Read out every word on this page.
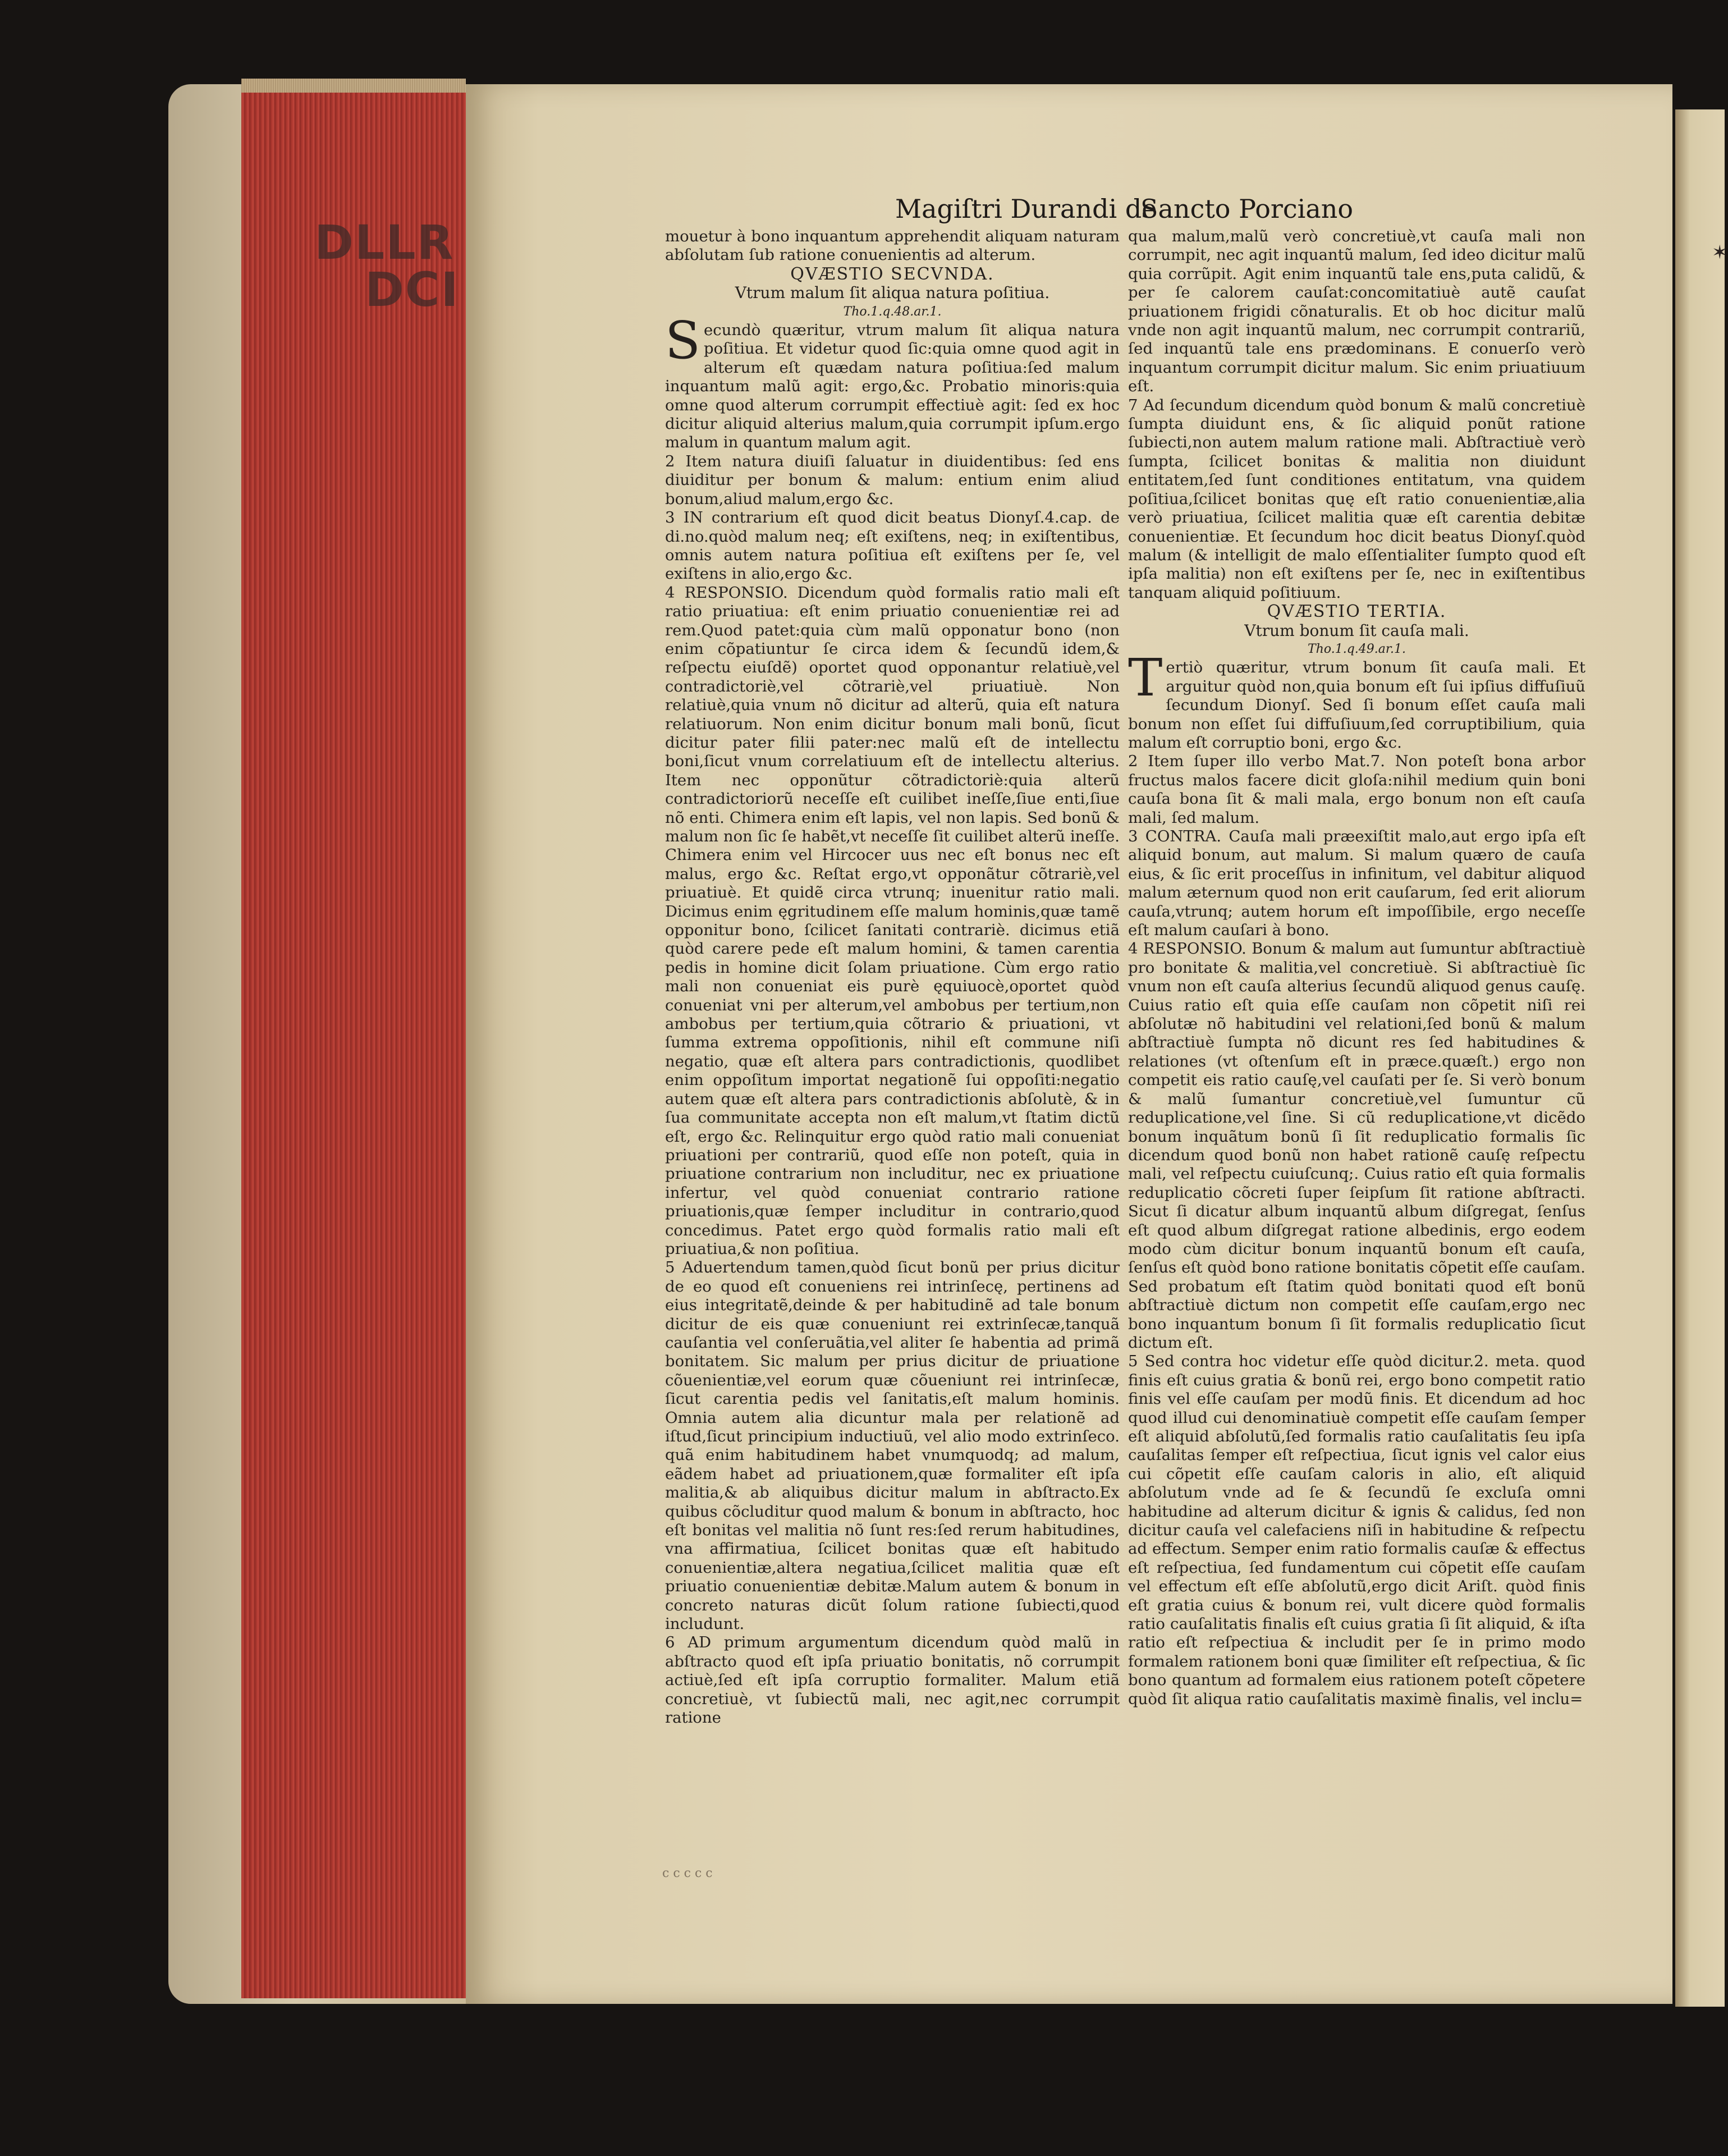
DLLR
DCI
Magiſtri Durandi de
Sancto Porciano

mouetur à bono inquantum apprehendit aliquam naturam abſolutam ſub ratione conuenientis ad alterum.

QVÆSTIO SECVNDA.

Vtrum malum ſit aliqua natura poſitiua.

Tho.1.q.48.ar.1.

Secundò quæritur, vtrum malum ſit aliqua natura poſitiua. Et videtur quod ſic:quia omne quod agit in alterum eſt quædam natura poſitiua:ſed malum inquantum malũ agit: ergo,&c. Probatio minoris:quia omne quod alterum corrumpit effectiuè agit: ſed ex hoc dicitur aliquid alterius malum,quia corrumpit ipſum.ergo malum in quantum malum agit.

2 Item natura diuiſi ſaluatur in diuidentibus: ſed ens diuiditur per bonum & malum: entium enim aliud bonum,aliud malum,ergo &c.

3 IN contrarium eſt quod dicit beatus Dionyſ.4.cap. de di.no.quòd malum neq; eſt exiſtens, neq; in exiſtentibus, omnis autem natura poſitiua eſt exiſtens per ſe, vel exiſtens in alio,ergo &c.

4 RESPONSIO. Dicendum quòd formalis ratio mali eſt ratio priuatiua: eſt enim priuatio conuenientiæ rei ad rem.Quod patet:quia cùm malũ opponatur bono (non enim cõpatiuntur ſe circa idem & ſecundũ idem,& reſpectu eiuſdẽ) oportet quod opponantur relatiuè,vel contradictoriè,vel cõtrariè,vel priuatiuè. Non relatiuè,quia vnum nõ dicitur ad alterũ, quia eſt natura relatiuorum. Non enim dicitur bonum mali bonũ, ſicut dicitur pater filii pater:nec malũ eſt de intellectu boni,ſicut vnum correlatiuum eſt de intellectu alterius. Item nec opponũtur cõtradictoriè:quia alterũ contradictoriorũ neceſſe eſt cuilibet ineſſe,ſiue enti,ſiue nõ enti. Chimera enim eſt lapis, vel non lapis. Sed bonũ & malum non ſic ſe habẽt,vt neceſſe ſit cuilibet alterũ ineſſe. Chimera enim vel Hircocer uus nec eſt bonus nec eſt malus, ergo &c. Reſtat ergo,vt opponãtur cõtrariè,vel priuatiuè. Et quidẽ circa vtrunq; inuenitur ratio mali. Dicimus enim ęgritudinem eſſe malum hominis,quæ tamẽ opponitur bono, ſcilicet ſanitati contrariè. dicimus etiã quòd carere pede eſt malum homini, & tamen carentia pedis in homine dicit ſolam priuatione. Cùm ergo ratio mali non conueniat eis purè ęquiuocè,oportet quòd conueniat vni per alterum,vel ambobus per tertium,non ambobus per tertium,quia cõtrario & priuationi, vt ſumma extrema oppoſitionis, nihil eſt commune niſi negatio, quæ eſt altera pars contradictionis, quodlibet enim oppoſitum importat negationẽ ſui oppoſiti:negatio autem quæ eſt altera pars contradictionis abſolutè, & in ſua communitate accepta non eſt malum,vt ſtatim dictũ eſt, ergo &c. Relinquitur ergo quòd ratio mali conueniat priuationi per contrariũ, quod eſſe non poteſt, quia in priuatione contrarium non includitur, nec ex priuatione infertur, vel quòd conueniat contrario ratione priuationis,quæ ſemper includitur in contrario,quod concedimus. Patet ergo quòd formalis ratio mali eſt priuatiua,& non poſitiua.

5 Aduertendum tamen,quòd ſicut bonũ per prius dicitur de eo quod eſt conueniens rei intrinſecę, pertinens ad eius integritatẽ,deinde & per habitudinẽ ad tale bonum dicitur de eis quæ conueniunt rei extrinſecæ,tanquã cauſantia vel conſeruãtia,vel aliter ſe habentia ad primã bonitatem. Sic malum per prius dicitur de priuatione cõuenientiæ,vel eorum quæ cõueniunt rei intrinſecæ, ſicut carentia pedis vel ſanitatis,eſt malum hominis. Omnia autem alia dicuntur mala per relationẽ ad iſtud,ſicut principium inductiuũ, vel alio modo extrinſeco. quã enim habitudinem habet vnumquodq; ad malum, eãdem habet ad priuationem,quæ formaliter eſt ipſa malitia,& ab aliquibus dicitur malum in abſtracto.Ex quibus cõcluditur quod malum & bonum in abſtracto, hoc eſt bonitas vel malitia nõ ſunt res:ſed rerum habitudines, vna affirmatiua, ſcilicet bonitas quæ eſt habitudo conuenientiæ,altera negatiua,ſcilicet malitia quæ eſt priuatio conuenientiæ debitæ.Malum autem & bonum in concreto naturas dicũt ſolum ratione ſubiecti,quod includunt.

6 AD primum argumentum dicendum quòd malũ in abſtracto quod eſt ipſa priuatio bonitatis, nõ corrumpit actiuè,ſed eſt ipſa corruptio formaliter. Malum etiã concretiuè, vt ſubiectũ mali, nec agit,nec corrumpit ratione

qua malum,malũ verò concretiuè,vt cauſa mali non corrumpit, nec agit inquantũ malum, ſed ideo dicitur malũ quia corrũpit. Agit enim inquantũ tale ens,puta calidũ, & per ſe calorem cauſat:concomitatiuè autẽ cauſat priuationem frigidi cõnaturalis. Et ob hoc dicitur malũ vnde non agit inquantũ malum, nec corrumpit contrariũ, ſed inquantũ tale ens prædominans. E conuerſo verò inquantum corrumpit dicitur malum. Sic enim priuatiuum eſt.

7 Ad ſecundum dicendum quòd bonum & malũ concretiuè ſumpta diuidunt ens, & ſic aliquid ponũt ratione ſubiecti,non autem malum ratione mali. Abſtractiuè verò ſumpta, ſcilicet bonitas & malitia non diuidunt entitatem,ſed ſunt conditiones entitatum, vna quidem poſitiua,ſcilicet bonitas quę eſt ratio conuenientiæ,alia verò priuatiua, ſcilicet malitia quæ eſt carentia debitæ conuenientiæ. Et ſecundum hoc dicit beatus Dionyſ.quòd malum (& intelligit de malo eſſentialiter ſumpto quod eſt ipſa malitia) non eſt exiſtens per ſe, nec in exiſtentibus tanquam aliquid poſitiuum.

QVÆSTIO TERTIA.

Vtrum bonum ſit cauſa mali.

Tho.1.q.49.ar.1.

Tertiò quæritur, vtrum bonum ſit cauſa mali. Et arguitur quòd non,quia bonum eſt ſui ipſius diffuſiuũ ſecundum Dionyſ. Sed ſi bonum eſſet cauſa mali bonum non eſſet ſui diffuſiuum,ſed corruptibilium, quia malum eſt corruptio boni, ergo &c.

2 Item ſuper illo verbo Mat.7. Non poteſt bona arbor fructus malos facere dicit gloſa:nihil medium quin boni cauſa bona ſit & mali mala, ergo bonum non eſt cauſa mali, ſed malum.

3 CONTRA. Cauſa mali præexiſtit malo,aut ergo ipſa eſt aliquid bonum, aut malum. Si malum quæro de cauſa eius, & ſic erit proceſſus in infinitum, vel dabitur aliquod malum æternum quod non erit cauſarum, ſed erit aliorum cauſa,vtrunq; autem horum eſt impoſſibile, ergo neceſſe eſt malum cauſari à bono.

4 RESPONSIO. Bonum & malum aut ſumuntur abſtractiuè pro bonitate & malitia,vel concretiuè. Si abſtractiuè ſic vnum non eſt cauſa alterius ſecundũ aliquod genus cauſę. Cuius ratio eſt quia eſſe cauſam non cõpetit niſi rei abſolutæ nõ habitudini vel relationi,ſed bonũ & malum abſtractiuè ſumpta nõ dicunt res ſed habitudines & relationes (vt oſtenſum eſt in præce.quæſt.) ergo non competit eis ratio cauſę,vel cauſati per ſe. Si verò bonum & malũ ſumantur concretiuè,vel ſumuntur cũ reduplicatione,vel ſine. Si cũ reduplicatione,vt dicẽdo bonum inquãtum bonũ ſi ſit reduplicatio formalis ſic dicendum quod bonũ non habet rationẽ cauſę reſpectu mali, vel reſpectu cuiuſcunq;. Cuius ratio eſt quia formalis reduplicatio cõcreti ſuper ſeipſum ſit ratione abſtracti. Sicut ſi dicatur album inquantũ album diſgregat, ſenſus eſt quod album diſgregat ratione albedinis, ergo eodem modo cùm dicitur bonum inquantũ bonum eſt cauſa, ſenſus eſt quòd bono ratione bonitatis cõpetit eſſe cauſam. Sed probatum eſt ſtatim quòd bonitati quod eſt bonũ abſtractiuè dictum non competit eſſe cauſam,ergo nec bono inquantum bonum ſi ſit formalis reduplicatio ſicut dictum eſt.

5 Sed contra hoc videtur eſſe quòd dicitur.2. meta. quod finis eſt cuius gratia & bonũ rei, ergo bono competit ratio finis vel eſſe cauſam per modũ finis. Et dicendum ad hoc quod illud cui denominatiuè competit eſſe cauſam ſemper eſt aliquid abſolutũ,ſed formalis ratio cauſalitatis ſeu ipſa cauſalitas ſemper eſt reſpectiua, ſicut ignis vel calor eius cui cõpetit eſſe cauſam caloris in alio, eſt aliquid abſolutum vnde ad ſe & ſecundũ ſe excluſa omni habitudine ad alterum dicitur & ignis & calidus, ſed non dicitur cauſa vel calefaciens niſi in habitudine & reſpectu ad effectum. Semper enim ratio formalis cauſæ & effectus eſt reſpectiua, ſed fundamentum cui cõpetit eſſe cauſam vel effectum eſt eſſe abſolutũ,ergo dicit Ariſt. quòd finis eſt gratia cuius & bonum rei, vult dicere quòd formalis ratio cauſalitatis finalis eſt cuius gratia ſi ſit aliquid, & iſta ratio eſt reſpectiua & includit per ſe in primo modo formalem rationem boni quæ ſimiliter eſt reſpectiua, & ſic bono quantum ad formalem eius rationem poteſt cõpetere quòd ſit aliqua ratio cauſalitatis maximè finalis, vel inclu=

c c c c c
✶
